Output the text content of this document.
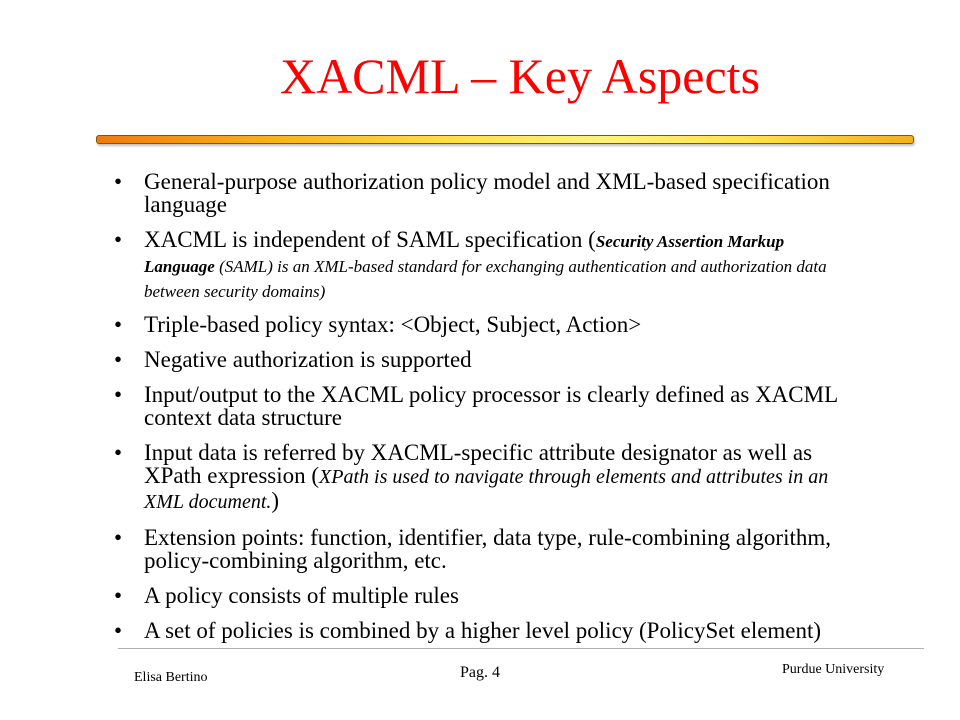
XACML – Key Aspects
• General-purpose authorization policy model and XML-based specification language
• XACML is independent of SAML specification (Security Assertion Markup Language (SAML) is an XML-based standard for exchanging authentication and authorization data between security domains)
• Triple-based policy syntax: <Object, Subject, Action>
• Negative authorization is supported
• Input/output to the XACML policy processor is clearly defined as XACML context data structure
• Input data is referred by XACML-specific attribute designator as well as XPath expression (XPath is used to navigate through elements and attributes in an XML document.)
• Extension points: function, identifier, data type, rule-combining algorithm, policy-combining algorithm, etc.
• A policy consists of multiple rules
• A set of policies is combined by a higher level policy (PolicySet element)
Elisa Bertino	Pag. 4	Purdue University
